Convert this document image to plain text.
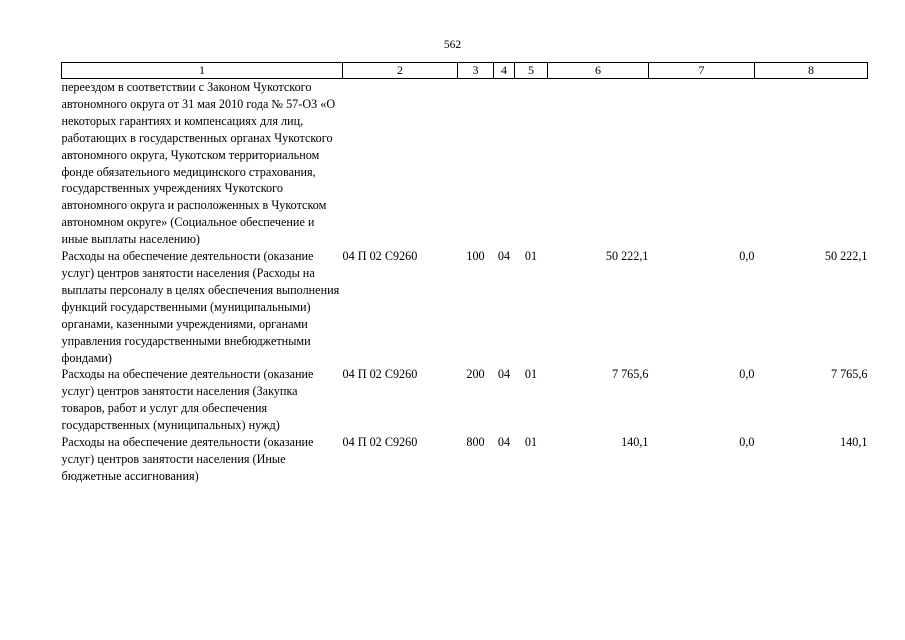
562
1	2	3	4	5	6	7	8
переездом в соответствии с Законом Чукотского автономного округа от 31 мая 2010 года № 57-ОЗ «О некоторых гарантиях и компенсациях для лиц, работающих в государственных органах Чукотского автономного округа, Чукотском территориальном фонде обязательного медицинского страхования, государственных учреждениях Чукотского автономного округа и расположенных в Чукотском автономном округе» (Социальное обеспечение и иные выплаты населению)							
Расходы на обеспечение деятельности (оказание услуг) центров занятости населения (Расходы на выплаты персоналу в целях обеспечения выполнения функций государственными (муниципальными) органами, казенными учреждениями, органами управления государственными внебюджетными фондами)	04 П 02 С9260	100	04	01	50 222,1	0,0	50 222,1
Расходы на обеспечение деятельности (оказание услуг) центров занятости населения (Закупка товаров, работ и услуг для обеспечения государственных (муниципальных) нужд)	04 П 02 С9260	200	04	01	7 765,6	0,0	7 765,6
Расходы на обеспечение деятельности (оказание услуг) центров занятости населения (Иные бюджетные ассигнования)	04 П 02 С9260	800	04	01	140,1	0,0	140,1
